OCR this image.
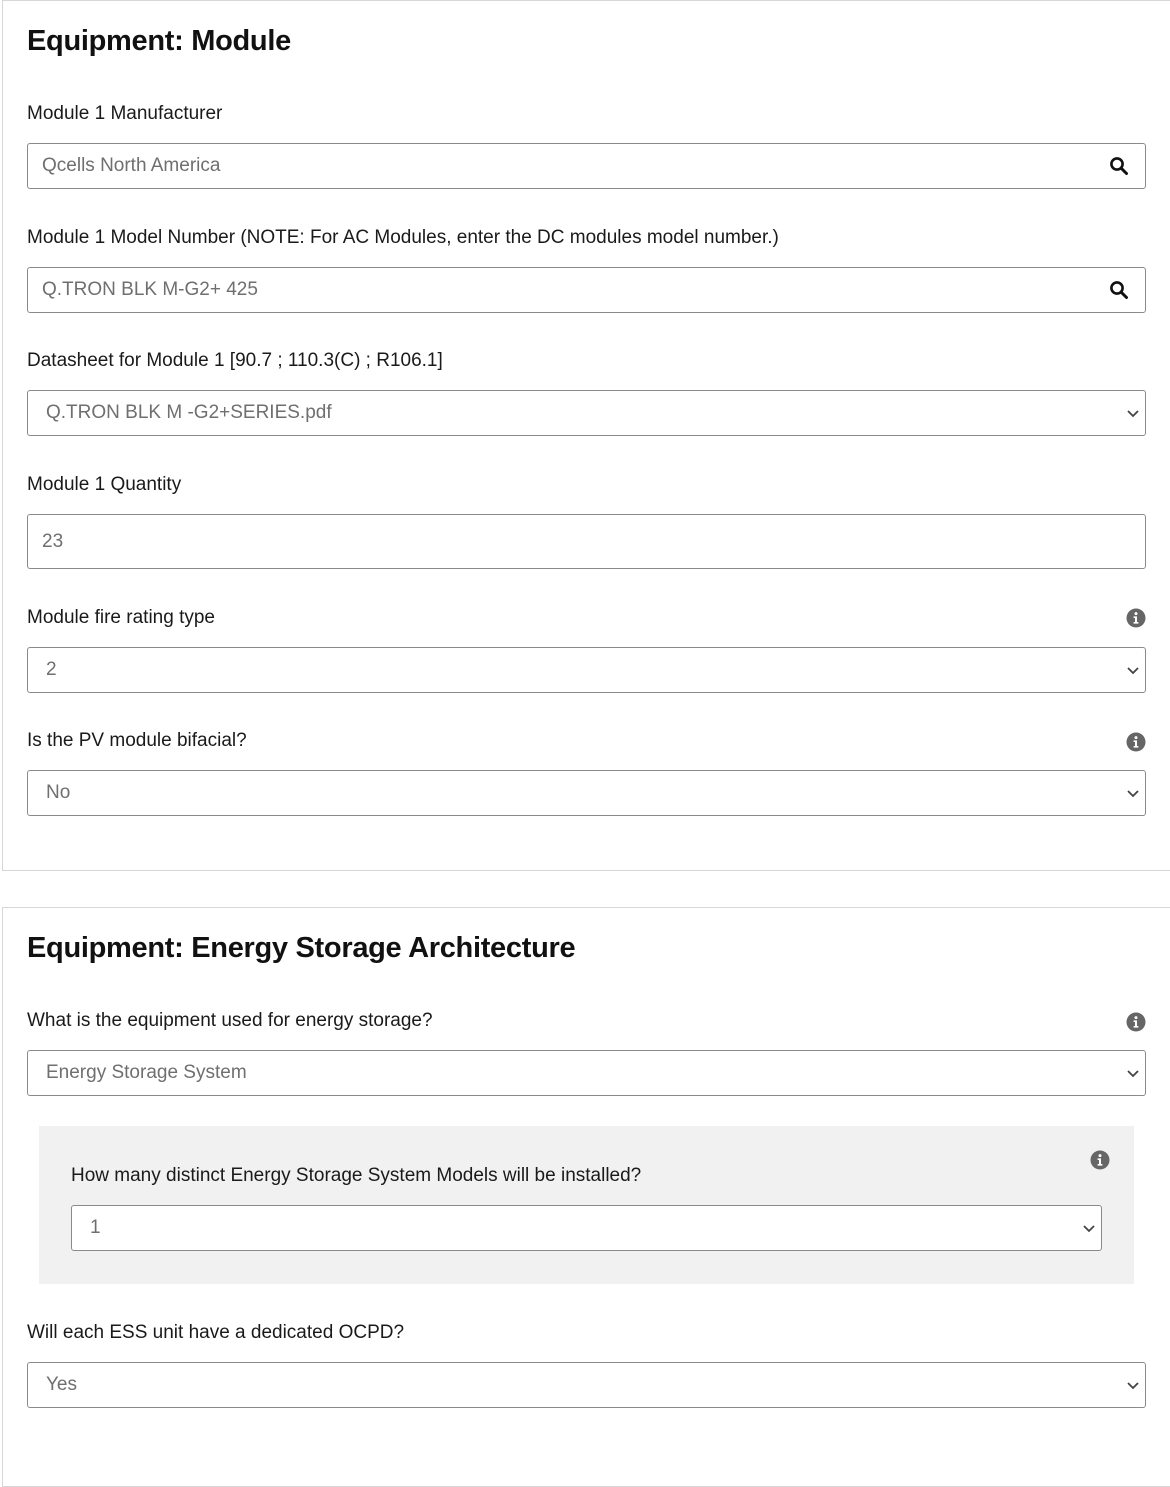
Equipment: Module
Module 1 Manufacturer
Qcells North America
Module 1 Model Number (NOTE: For AC Modules, enter the DC modules model number.)
Q.TRON BLK M-G2+ 425
Datasheet for Module 1 [90.7 ; 110.3(C) ; R106.1]
Q.TRON BLK M -G2+SERIES.pdf
Module 1 Quantity
23
Module fire rating type
2
Is the PV module bifacial?
No
Equipment: Energy Storage Architecture
What is the equipment used for energy storage?
Energy Storage System
How many distinct Energy Storage System Models will be installed?
1
Will each ESS unit have a dedicated OCPD?
Yes
